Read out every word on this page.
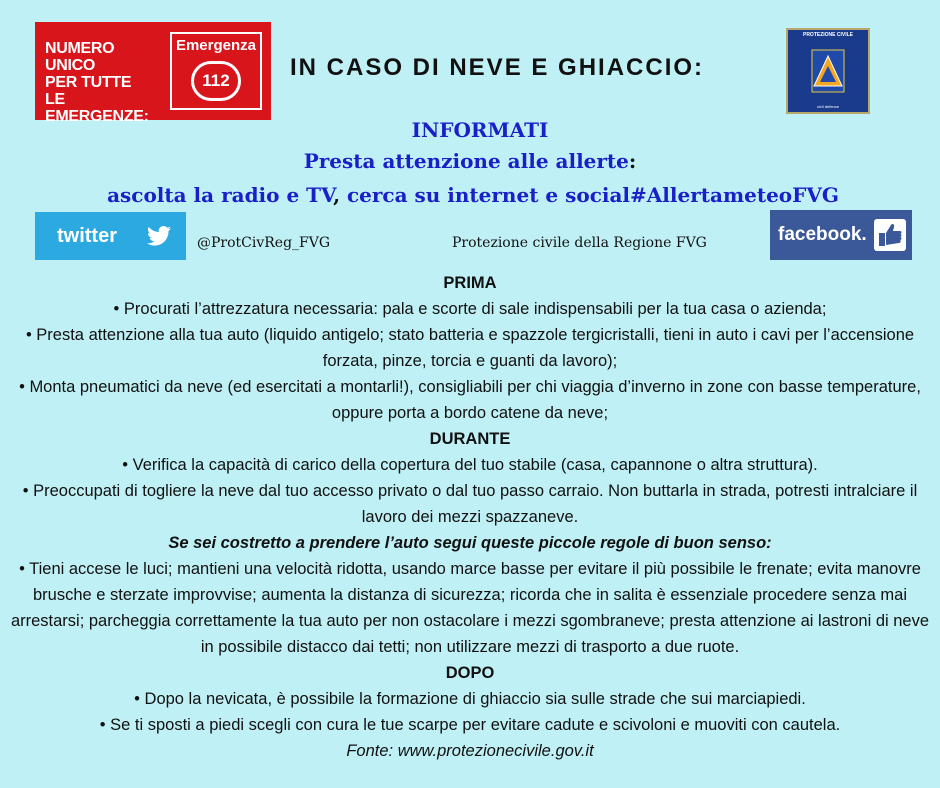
NUMERO UNICO
PER TUTTE
LE EMERGENZE:
Emergenza
112	IN CASO DI NEVE E GHIACCIO:
PROTEZIONE CIVILE
civil defence
INFORMATI
Presta attenzione alle allerte:
ascolta la radio e TV, cerca su internet e social#AllertameteoFVG
twitter	@ProtCivReg_FVG	Protezione civile della Regione FVG	facebook.
PRIMA
• Procurati l’attrezzatura necessaria: pala e scorte di sale indispensabili per la tua casa o azienda;
• Presta attenzione alla tua auto (liquido antigelo; stato batteria e spazzole tergicristalli, tieni in auto i cavi per l’accensione forzata, pinze, torcia e guanti da lavoro);
• Monta pneumatici da neve (ed esercitati a montarli!), consigliabili per chi viaggia d’inverno in zone con basse temperature, oppure porta a bordo catene da neve;
DURANTE
• Verifica la capacità di carico della copertura del tuo stabile (casa, capannone o altra struttura).
• Preoccupati di togliere la neve dal tuo accesso privato o dal tuo passo carraio. Non buttarla in strada, potresti intralciare il lavoro dei mezzi spazzaneve.
Se sei costretto a prendere l’auto segui queste piccole regole di buon senso:
• Tieni accese le luci; mantieni una velocità ridotta, usando marce basse per evitare il più possibile le frenate; evita manovre brusche e sterzate improvvise; aumenta la distanza di sicurezza; ricorda che in salita è essenziale procedere senza mai arrestarsi; parcheggia correttamente la tua auto per non ostacolare i mezzi sgombraneve; presta attenzione ai lastroni di neve in possibile distacco dai tetti; non utilizzare mezzi di trasporto a due ruote.
DOPO
• Dopo la nevicata, è possibile la formazione di ghiaccio sia sulle strade che sui marciapiedi.
• Se ti sposti a piedi scegli con cura le tue scarpe per evitare cadute e scivoloni e muoviti con cautela.
Fonte: www.protezionecivile.gov.it
